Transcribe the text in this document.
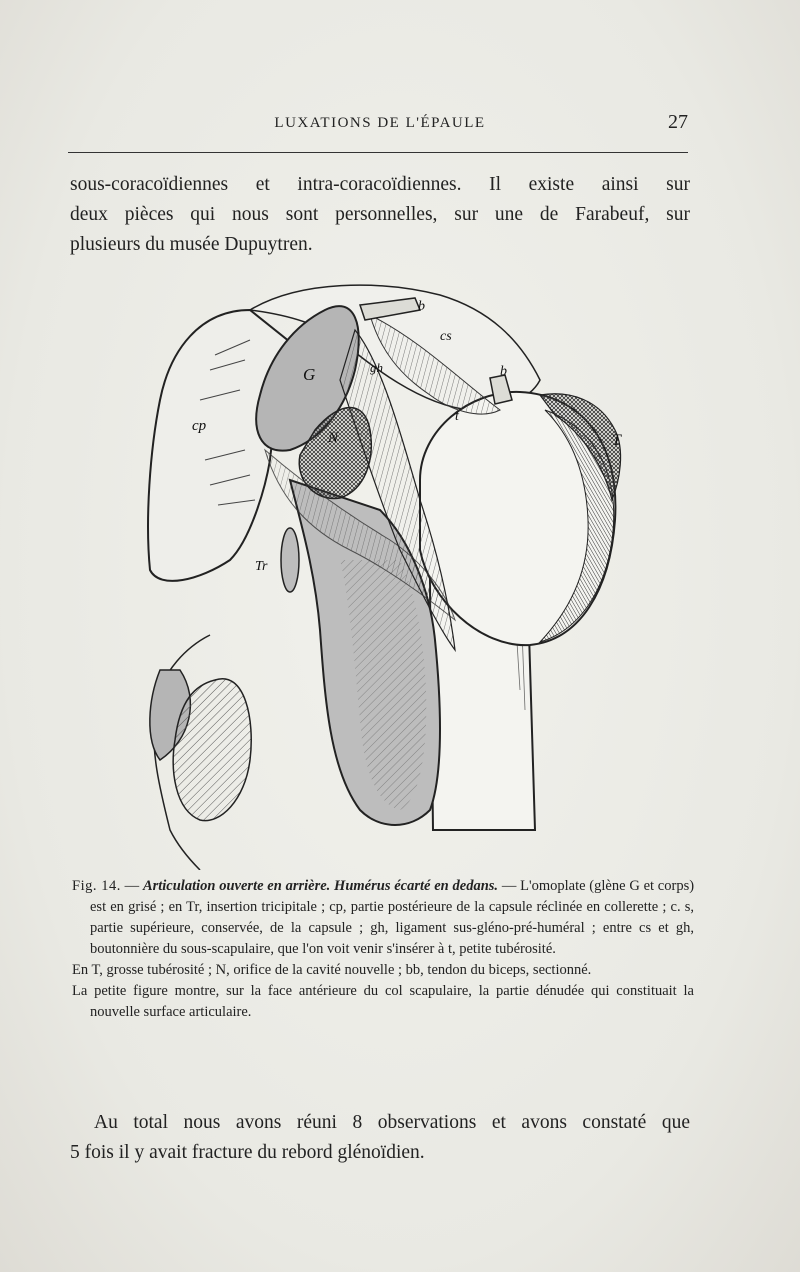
LUXATIONS DE L'ÉPAULE	27
sous-coracoïdiennes et intra-coracoïdiennes. Il existe ainsi sur
deux pièces qui nous sont personnelles, sur une de Farabeuf, sur
plusieurs du musée Dupuytren.
G
N
gh
cs
b
b
t
T
cp
Tr

Fig. 14. — Articulation ouverte en arrière. Humérus écarté en dedans. — L'omoplate (glène G et corps) est en grisé ; en Tr, insertion tricipitale ; cp, partie postérieure de la capsule réclinée en collerette ; c. s, partie supérieure, conservée, de la capsule ; gh, ligament sus-gléno-pré-huméral ; entre cs et gh, boutonnière du sous-scapulaire, que l'on voit venir s'insérer à t, petite tubérosité.

En T, grosse tubérosité ; N, orifice de la cavité nouvelle ; bb, tendon du biceps, sectionné.

La petite figure montre, sur la face antérieure du col scapulaire, la partie dénudée qui constituait la nouvelle surface articulaire.

Au total nous avons réuni 8 observations et avons constaté que
5 fois il y avait fracture du rebord glénoïdien.
